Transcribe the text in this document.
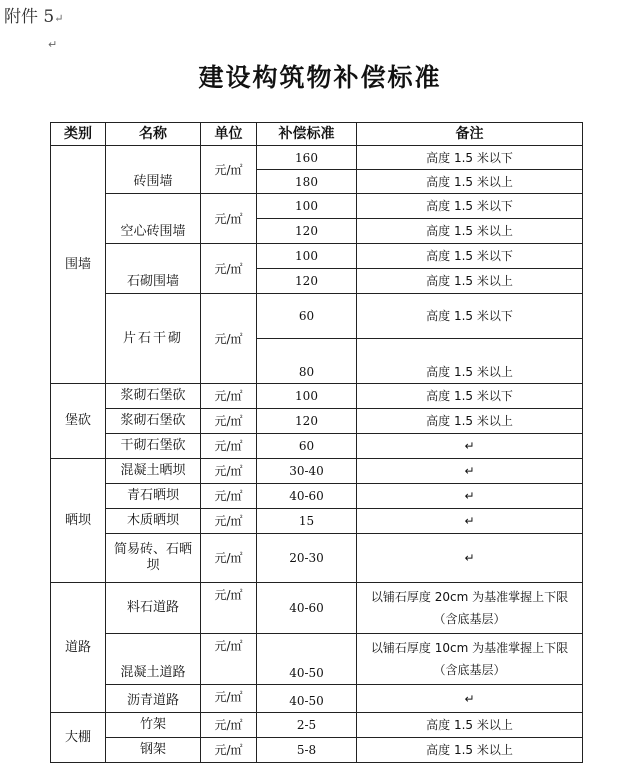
附件 5↵
↵
建设构筑物补偿标准
类别	名称	单位	补偿标准	备注
围墙	砖围墙	元/㎡	160	高度 1.5 米以下
			180	高度 1.5 米以上
	空心砖围墙	元/㎡	100	高度 1.5 米以下
			120	高度 1.5 米以上
	石砌围墙	元/㎡	100	高度 1.5 米以下
			120	高度 1.5 米以上
	片石干砌	元/㎡	60	高度 1.5 米以下
			80	高度 1.5 米以上
堡砍	浆砌石堡砍	元/㎡	100	高度 1.5 米以下
	浆砌石堡砍	元/㎡	120	高度 1.5 米以上
	干砌石堡砍	元/㎡	60	↵
晒坝	混凝土晒坝	元/㎡	30-40	↵
	青石晒坝	元/㎡	40-60	↵
	木质晒坝	元/㎡	15	↵
	简易砖、石晒坝	元/㎡	20-30	↵
道路	料石道路	元/㎡	40-60	以铺石厚度 20cm 为基准掌握上下限（含底基层）
	混凝土道路	元/㎡	40-50	以铺石厚度 10cm 为基准掌握上下限（含底基层）
	沥青道路	元/㎡	40-50	↵
大棚	竹架	元/㎡	2-5	高度 1.5 米以上
	钢架	元/㎡	5-8	高度 1.5 米以上
